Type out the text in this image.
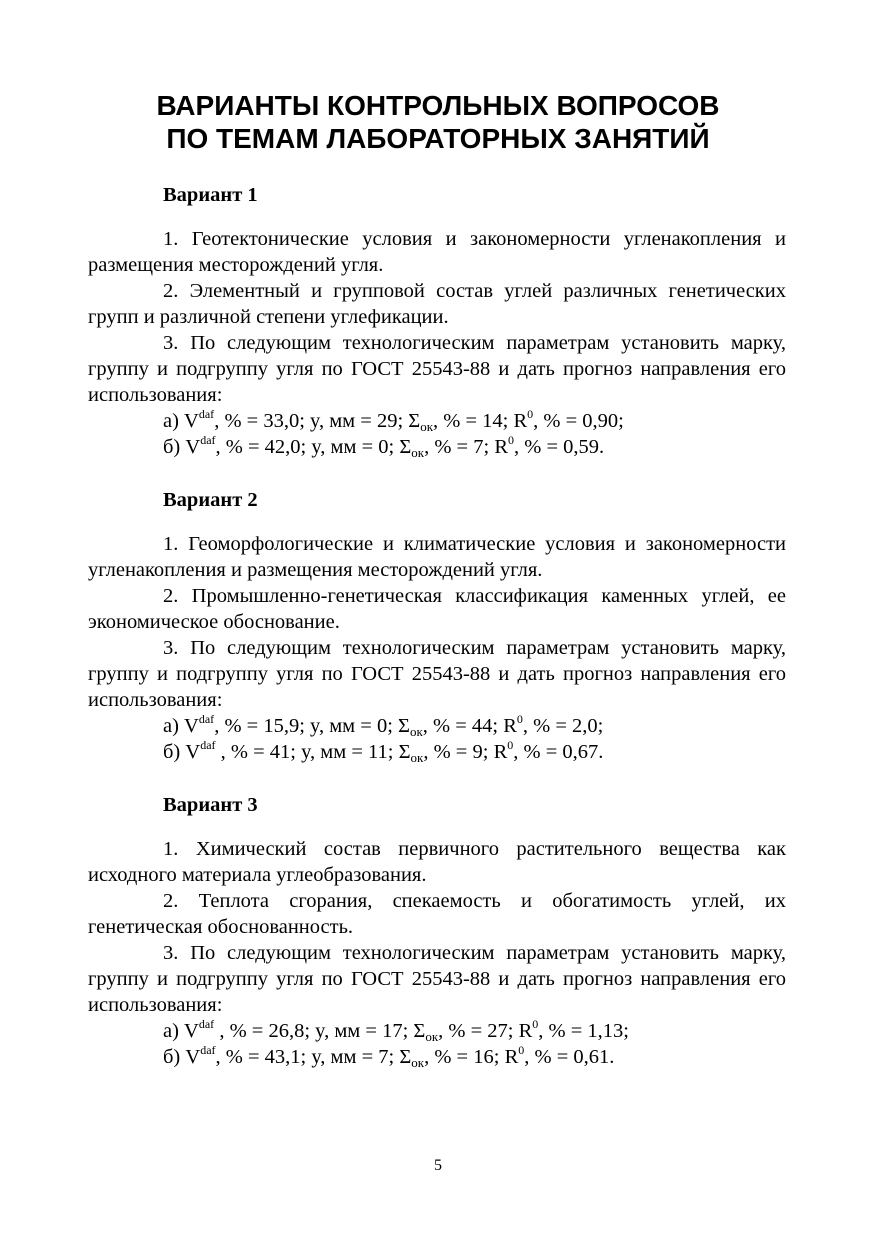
ВАРИАНТЫ КОНТРОЛЬНЫХ ВОПРОСОВ
ПО ТЕМАМ ЛАБОРАТОРНЫХ ЗАНЯТИЙ
Вариант 1

1. Геотектонические условия и закономерности угленакопления и размещения месторождений угля.

2. Элементный и групповой состав углей различных генетических групп и различной степени углефикации.

3. По следующим технологическим параметрам установить марку, группу и подгруппу угля по ГОСТ 25543-88 и дать прогноз направления его использования:

а) $V^{daf}$, % = 33,0; y, мм = 29; $\Sigma_{ок}$, % = 14; $R^0$, % = 0,90;
б) $V^{daf}$, % = 42,0; y, мм = 0; $\Sigma_{ок}$, % = 7; $R^0$, % = 0,59.
Вариант 2

1. Геоморфологические и климатические условия и закономерности угленакопления и размещения месторождений угля.

2. Промышленно-генетическая классификация каменных углей, ее экономическое обоснование.

3. По следующим технологическим параметрам установить марку, группу и подгруппу угля по ГОСТ 25543-88 и дать прогноз направления его использования:

а) $V^{daf}$, % = 15,9; y, мм = 0; $\Sigma_{ок}$, % = 44; $R^0$, % = 2,0;
б) $V^{daf}$ , % = 41; y, мм = 11; $\Sigma_{ок}$, % = 9; $R^0$, % = 0,67.
Вариант 3

1. Химический состав первичного растительного вещества как исходного материала углеобразования.

2. Теплота сгорания, спекаемость и обогатимость углей, их генетическая обоснованность.

3. По следующим технологическим параметрам установить марку, группу и подгруппу угля по ГОСТ 25543-88 и дать прогноз направления его использования:

а) $V^{daf}$ , % = 26,8; y, мм = 17; $\Sigma_{ок}$, % = 27; $R^0$, % = 1,13;
б) $V^{daf}$, % = 43,1; y, мм = 7; $\Sigma_{ок}$, % = 16; $R^0$, % = 0,61.
5
